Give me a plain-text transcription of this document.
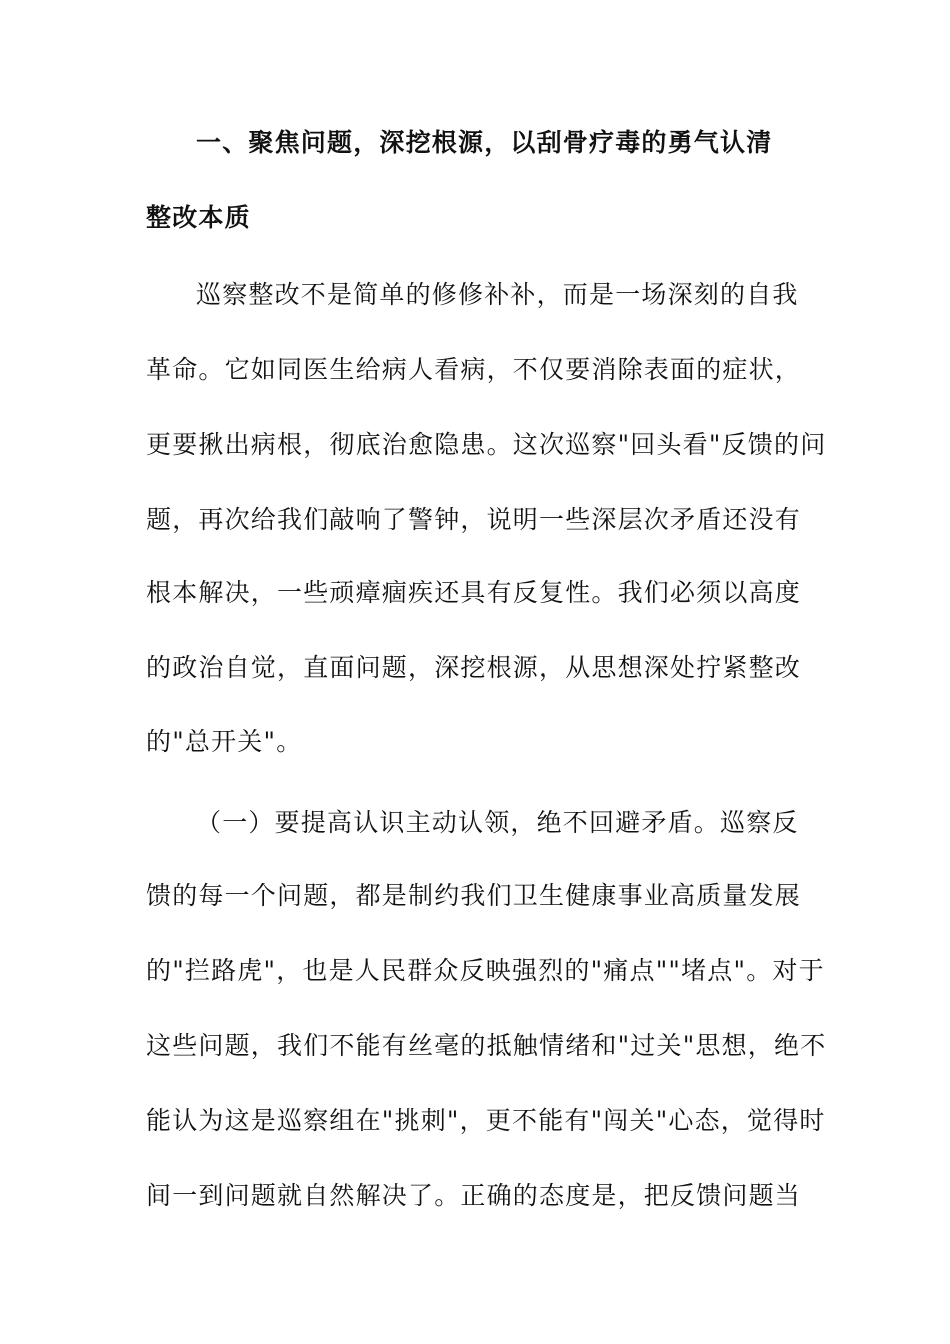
一、聚焦问题，深挖根源，以刮骨疗毒的勇气认清
整改本质
巡察整改不是简单的修修补补，而是一场深刻的自我
革命。它如同医生给病人看病，不仅要消除表面的症状，
更要揪出病根，彻底治愈隐患。这次巡察"回头看"反馈的问
题，再次给我们敲响了警钟，说明一些深层次矛盾还没有
根本解决，一些顽瘴痼疾还具有反复性。我们必须以高度
的政治自觉，直面问题，深挖根源，从思想深处拧紧整改
的"总开关"。
（一）要提高认识主动认领，绝不回避矛盾。巡察反
馈的每一个问题，都是制约我们卫生健康事业高质量发展
的"拦路虎"，也是人民群众反映强烈的"痛点""堵点"。对于
这些问题，我们不能有丝毫的抵触情绪和"过关"思想，绝不
能认为这是巡察组在"挑刺"，更不能有"闯关"心态，觉得时
间一到问题就自然解决了。正确的态度是，把反馈问题当
